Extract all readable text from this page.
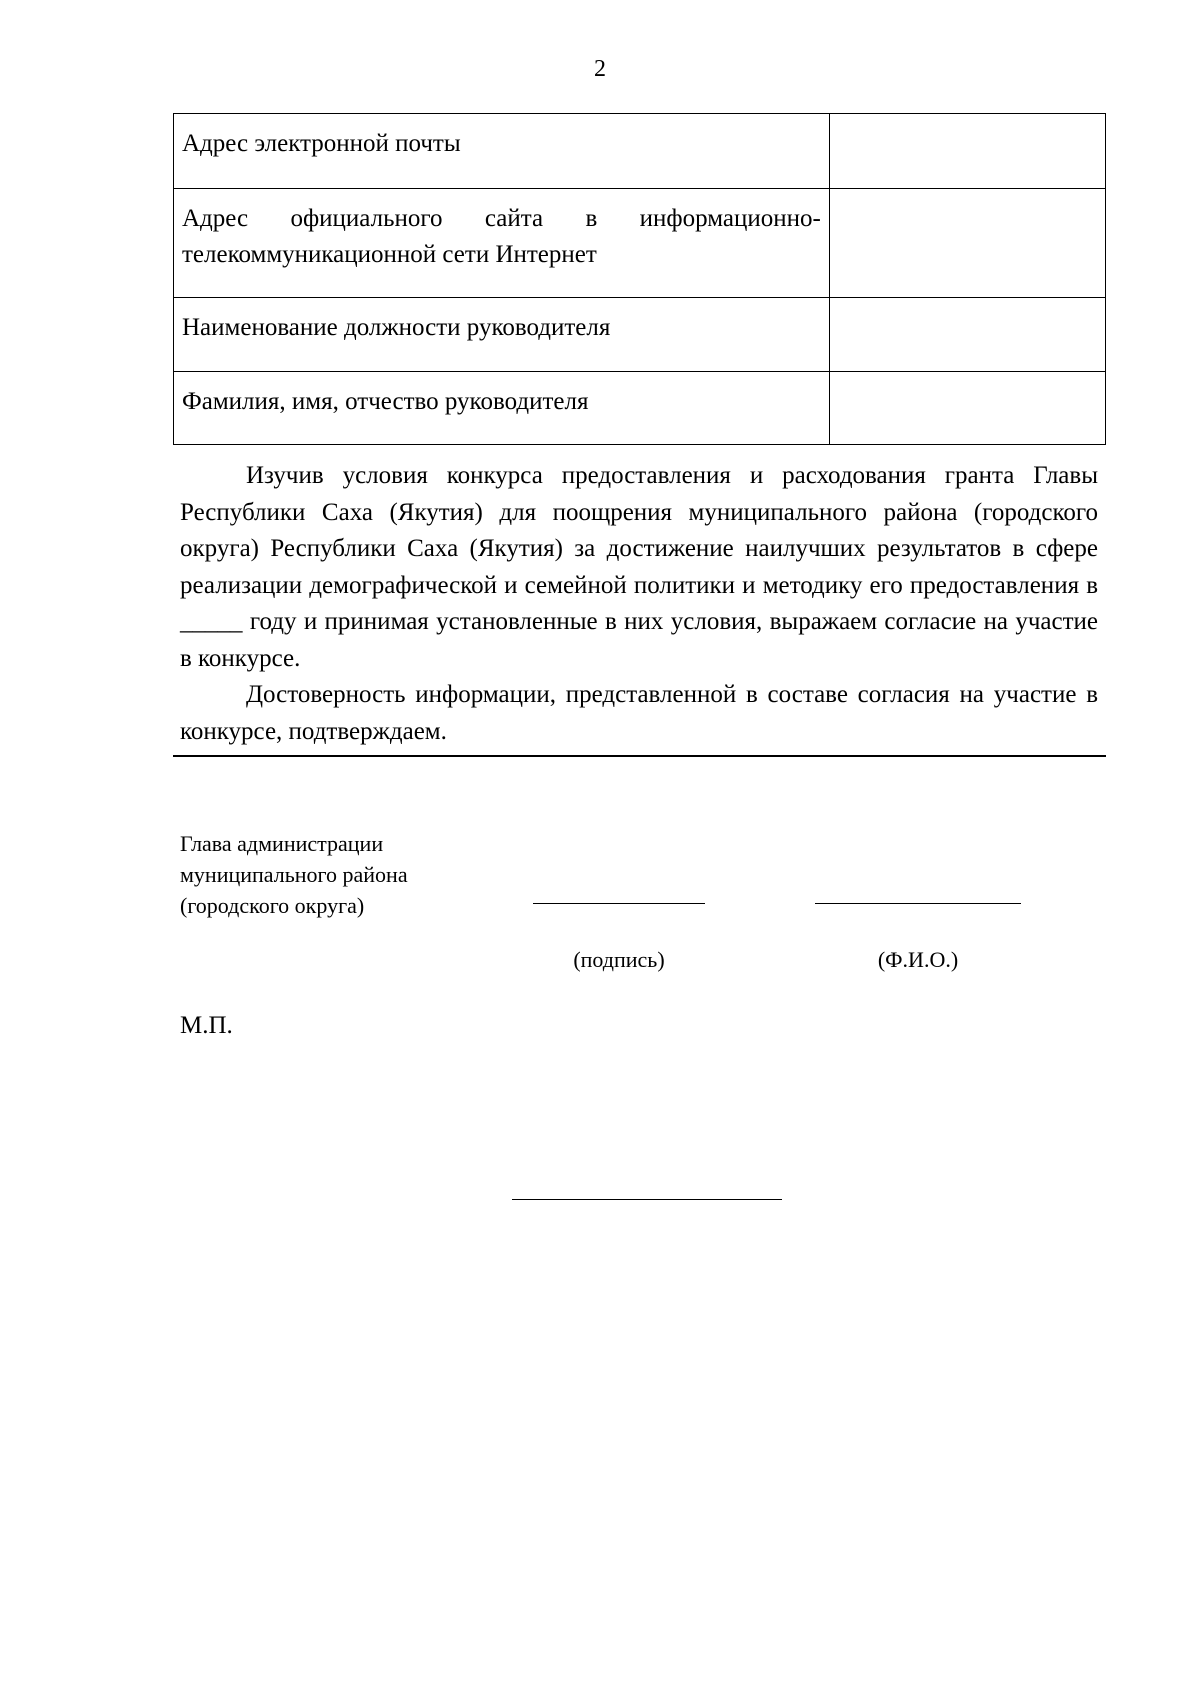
2
Адрес электронной почты	
Адрес официального сайта в информационно-телекоммуникационной сети Интернет	
Наименование должности руководителя	
Фамилия, имя, отчество руководителя	

Изучив условия конкурса предоставления и расходования гранта Главы Республики Саха (Якутия) для поощрения муниципального района (городского округа) Республики Саха (Якутия) за достижение наилучших результатов в сфере реализации демографической и семейной политики и методику его предоставления в _____ году и принимая установленные в них условия, выражаем согласие на участие в конкурсе.

Достоверность информации, представленной в составе согласия на участие в конкурсе, подтверждаем.

Глава администрации
муниципального района
(городского округа)
(подпись)	(Ф.И.О.)
М.П.
